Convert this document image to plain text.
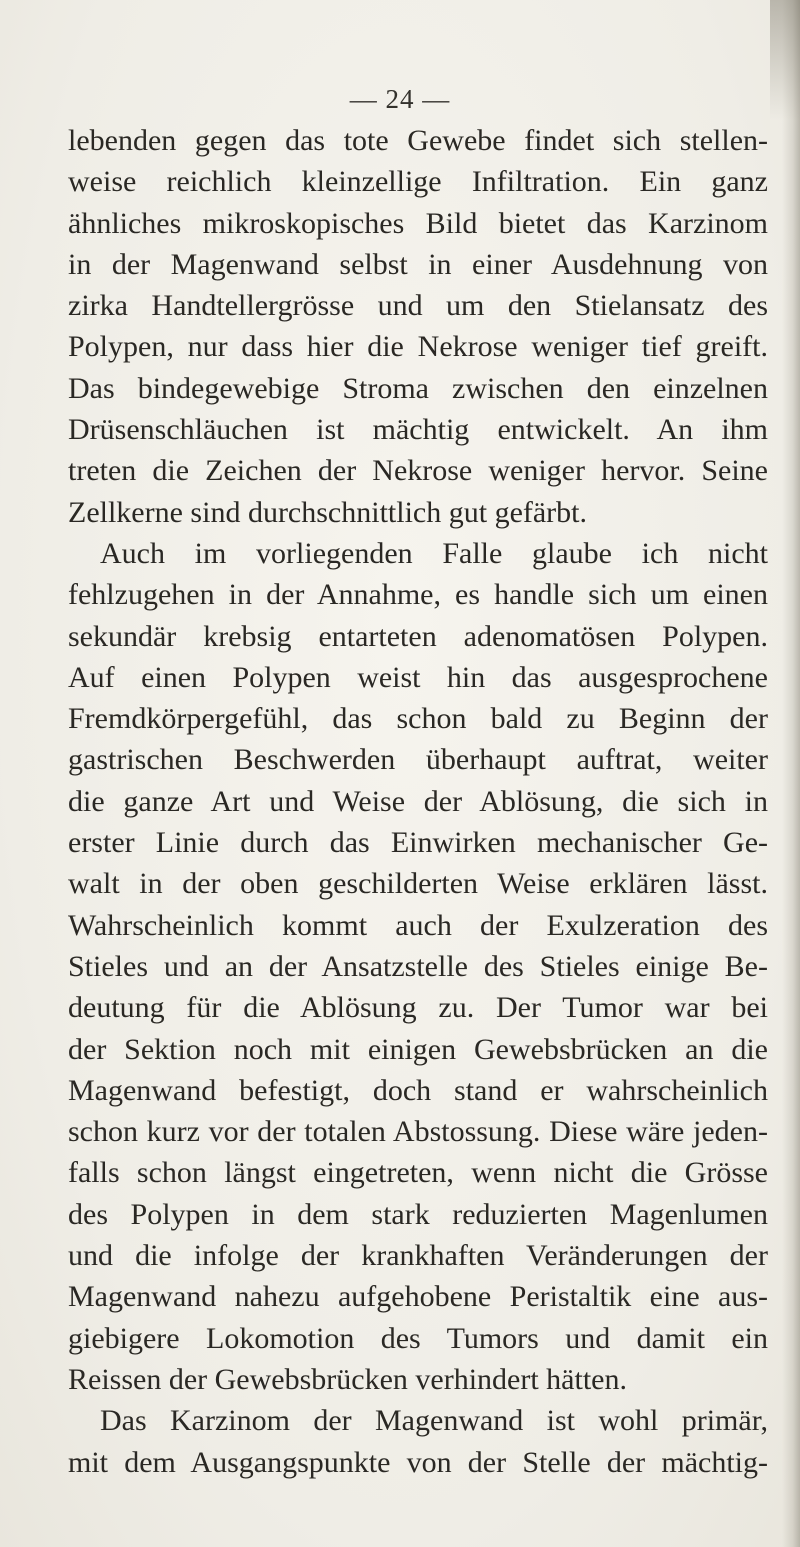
— 24 —
lebenden gegen das tote Gewebe findet sich stellen-
weise reichlich kleinzellige Infiltration. Ein ganz
ähnliches mikroskopisches Bild bietet das Karzinom
in der Magenwand selbst in einer Ausdehnung von
zirka Handtellergrösse und um den Stielansatz des
Polypen, nur dass hier die Nekrose weniger tief greift.
Das bindegewebige Stroma zwischen den einzelnen
Drüsenschläuchen ist mächtig entwickelt. An ihm
treten die Zeichen der Nekrose weniger hervor. Seine
Zellkerne sind durchschnittlich gut gefärbt.
Auch im vorliegenden Falle glaube ich nicht
fehlzugehen in der Annahme, es handle sich um einen
sekundär krebsig entarteten adenomatösen Polypen.
Auf einen Polypen weist hin das ausgesprochene
Fremdkörpergefühl, das schon bald zu Beginn der
gastrischen Beschwerden überhaupt auftrat, weiter
die ganze Art und Weise der Ablösung, die sich in
erster Linie durch das Einwirken mechanischer Ge-
walt in der oben geschilderten Weise erklären lässt.
Wahrscheinlich kommt auch der Exulzeration des
Stieles und an der Ansatzstelle des Stieles einige Be-
deutung für die Ablösung zu. Der Tumor war bei
der Sektion noch mit einigen Gewebsbrücken an die
Magenwand befestigt, doch stand er wahrscheinlich
schon kurz vor der totalen Abstossung. Diese wäre jeden-
falls schon längst eingetreten, wenn nicht die Grösse
des Polypen in dem stark reduzierten Magenlumen
und die infolge der krankhaften Veränderungen der
Magenwand nahezu aufgehobene Peristaltik eine aus-
giebigere Lokomotion des Tumors und damit ein
Reissen der Gewebsbrücken verhindert hätten.
Das Karzinom der Magenwand ist wohl primär,
mit dem Ausgangspunkte von der Stelle der mächtig-
